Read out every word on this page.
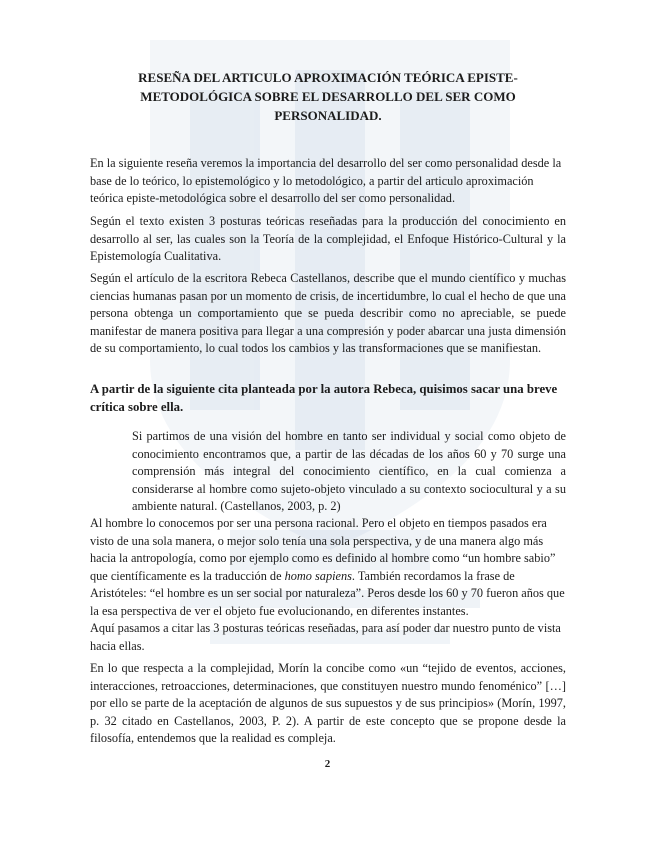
RESEÑA DEL ARTICULO APROXIMACIÓN TEÓRICA EPISTE-METODOLÓGICA SOBRE EL DESARROLLO DEL SER COMO PERSONALIDAD.

En la siguiente reseña veremos la importancia del desarrollo del ser como personalidad desde la base de lo teórico, lo epistemológico y lo metodológico, a partir del articulo aproximación teórica episte-metodológica sobre el desarrollo del ser como personalidad.

Según el texto existen 3 posturas teóricas reseñadas para la producción del conocimiento en desarrollo al ser, las cuales son la Teoría de la complejidad, el Enfoque Histórico-Cultural y la Epistemología Cualitativa.

Según el artículo de la escritora Rebeca Castellanos, describe que el mundo científico y muchas ciencias humanas pasan por un momento de crisis, de incertidumbre, lo cual el hecho de que una persona obtenga un comportamiento que se pueda describir como no apreciable, se puede manifestar de manera positiva para llegar a una compresión y poder abarcar una justa dimensión de su comportamiento, lo cual todos los cambios y las transformaciones que se manifiestan.

A partir de la siguiente cita planteada por la autora Rebeca, quisimos sacar una breve crítica sobre ella.

Si partimos de una visión del hombre en tanto ser individual y social como objeto de conocimiento encontramos que, a partir de las décadas de los años 60 y 70 surge una comprensión más integral del conocimiento científico, en la cual comienza a considerarse al hombre como sujeto-objeto vinculado a su contexto sociocultural y a su ambiente natural. (Castellanos, 2003, p. 2)

Al hombre lo conocemos por ser una persona racional. Pero el objeto en tiempos pasados era visto de una sola manera, o mejor solo tenía una sola perspectiva, y de una manera algo más hacia la antropología, como por ejemplo como es definido al hombre como “un hombre sabio” que científicamente es la traducción de homo sapiens. También recordamos la frase de Aristóteles: “el hombre es un ser social por naturaleza”. Peros desde los 60 y 70 fueron años que la esa perspectiva de ver el objeto fue evolucionando, en diferentes instantes.

Aquí pasamos a citar las 3 posturas teóricas reseñadas, para así poder dar nuestro punto de vista hacia ellas.

En lo que respecta a la complejidad, Morín la concibe como «un “tejido de eventos, acciones, interacciones, retroacciones, determinaciones, que constituyen nuestro mundo fenoménico” […] por ello se parte de la aceptación de algunos de sus supuestos y de sus principios» (Morín, 1997, p. 32 citado en Castellanos, 2003, P. 2). A partir de este concepto que se propone desde la filosofía, entendemos que la realidad es compleja.

2
